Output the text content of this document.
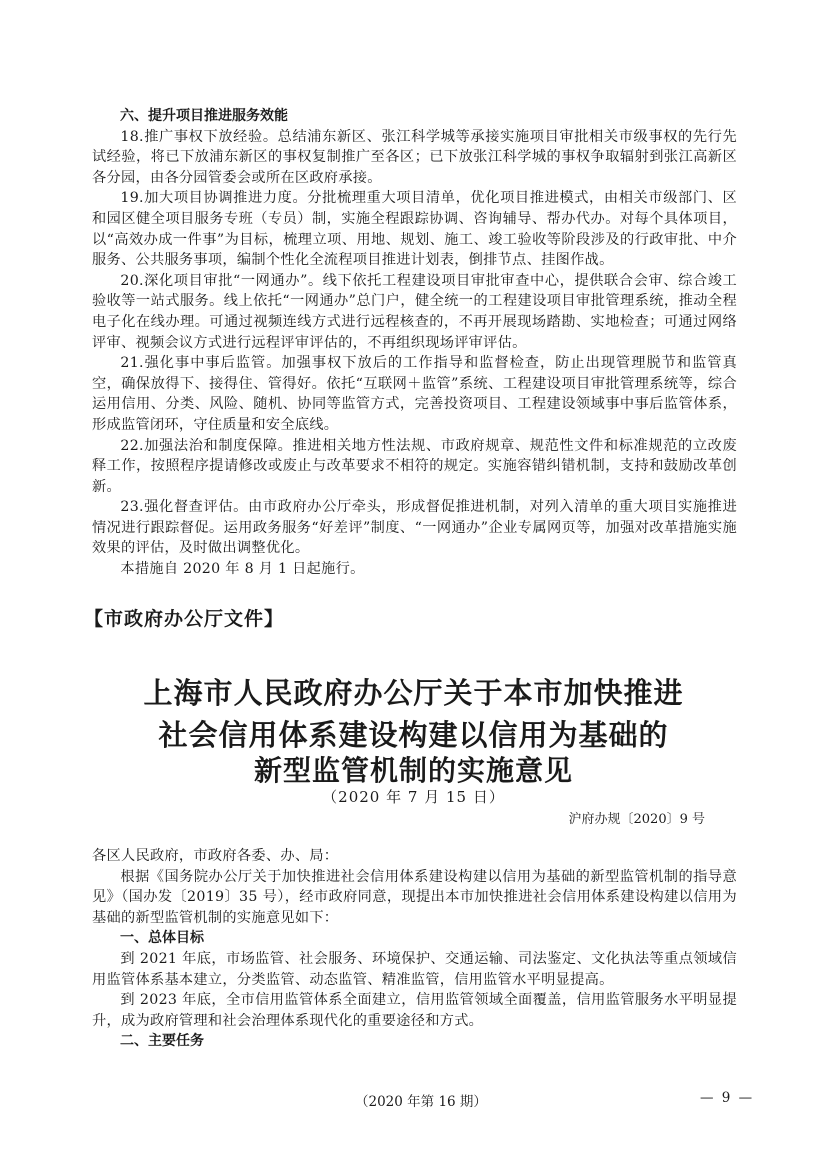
六、提升项目推进服务效能

18.推广事权下放经验。总结浦东新区、张江科学城等承接实施项目审批相关市级事权的先行先试经验，将已下放浦东新区的事权复制推广至各区；已下放张江科学城的事权争取辐射到张江高新区各分园，由各分园管委会或所在区政府承接。

19.加大项目协调推进力度。分批梳理重大项目清单，优化项目推进模式，由相关市级部门、区和园区健全项目服务专班（专员）制，实施全程跟踪协调、咨询辅导、帮办代办。对每个具体项目，以“高效办成一件事”为目标，梳理立项、用地、规划、施工、竣工验收等阶段涉及的行政审批、中介服务、公共服务事项，编制个性化全流程项目推进计划表，倒排节点、挂图作战。

20.深化项目审批“一网通办”。线下依托工程建设项目审批审查中心，提供联合会审、综合竣工验收等一站式服务。线上依托“一网通办”总门户，健全统一的工程建设项目审批管理系统，推动全程电子化在线办理。可通过视频连线方式进行远程核查的，不再开展现场踏勘、实地检查；可通过网络评审、视频会议方式进行远程评审评估的，不再组织现场评审评估。

21.强化事中事后监管。加强事权下放后的工作指导和监督检查，防止出现管理脱节和监管真空，确保放得下、接得住、管得好。依托“互联网＋监管”系统、工程建设项目审批管理系统等，综合运用信用、分类、风险、随机、协同等监管方式，完善投资项目、工程建设领域事中事后监管体系，形成监管闭环，守住质量和安全底线。

22.加强法治和制度保障。推进相关地方性法规、市政府规章、规范性文件和标准规范的立改废释工作，按照程序提请修改或废止与改革要求不相符的规定。实施容错纠错机制，支持和鼓励改革创新。

23.强化督查评估。由市政府办公厅牵头，形成督促推进机制，对列入清单的重大项目实施推进情况进行跟踪督促。运用政务服务“好差评”制度、“一网通办”企业专属网页等，加强对改革措施实施效果的评估，及时做出调整优化。

本措施自 2020 年 8 月 1 日起施行。

【市政府办公厅文件】
上海市人民政府办公厅关于本市加快推进
社会信用体系建设构建以信用为基础的
新型监管机制的实施意见
（2020 年 7 月 15 日）
沪府办规〔2020〕9 号

各区人民政府，市政府各委、办、局：

根据《国务院办公厅关于加快推进社会信用体系建设构建以信用为基础的新型监管机制的指导意见》（国办发〔2019〕35 号），经市政府同意，现提出本市加快推进社会信用体系建设构建以信用为基础的新型监管机制的实施意见如下：

一、总体目标

到 2021 年底，市场监管、社会服务、环境保护、交通运输、司法鉴定、文化执法等重点领域信用监管体系基本建立，分类监管、动态监管、精准监管，信用监管水平明显提高。

到 2023 年底，全市信用监管体系全面建立，信用监管领域全面覆盖，信用监管服务水平明显提升，成为政府管理和社会治理体系现代化的重要途径和方式。

二、主要任务

（2020 年第 16 期）	— 9 —
